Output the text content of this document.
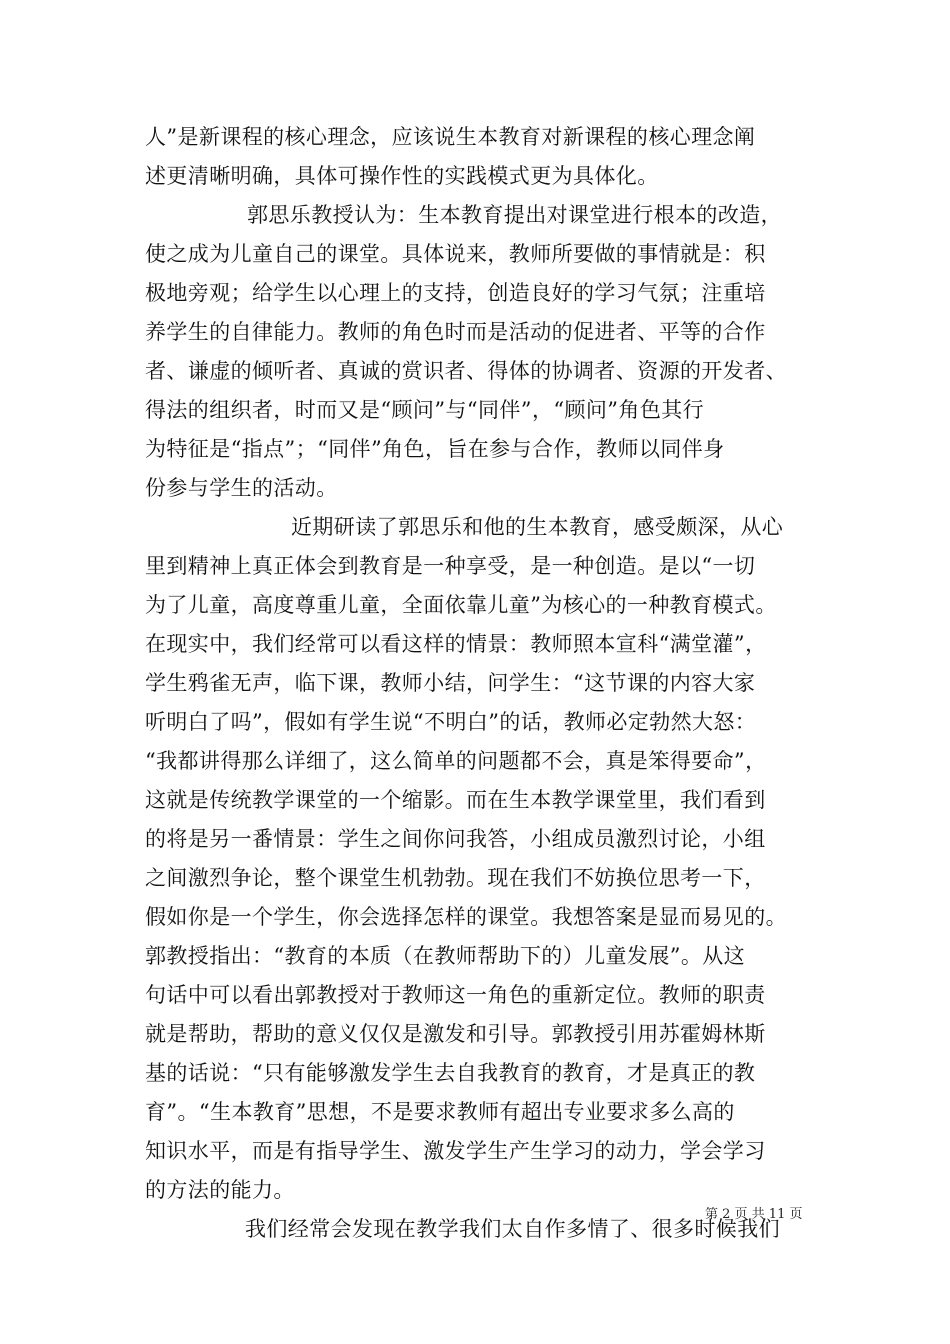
人”是新课程的核心理念，应该说生本教育对新课程的核心理念阐
述更清晰明确，具体可操作性的实践模式更为具体化。
郭思乐教授认为：生本教育提出对课堂进行根本的改造，
使之成为儿童自己的课堂。具体说来，教师所要做的事情就是：积
极地旁观；给学生以心理上的支持，创造良好的学习气氛；注重培
养学生的自律能力。教师的角色时而是活动的促进者、平等的合作
者、谦虚的倾听者、真诚的赏识者、得体的协调者、资源的开发者、
得法的组织者，时而又是“顾问”与“同伴”，“顾问”角色其行
为特征是“指点”；“同伴”角色，旨在参与合作，教师以同伴身
份参与学生的活动。
近期研读了郭思乐和他的生本教育，感受颇深，从心
里到精神上真正体会到教育是一种享受，是一种创造。是以“一切
为了儿童，高度尊重儿童，全面依靠儿童”为核心的一种教育模式。
在现实中，我们经常可以看这样的情景：教师照本宣科“满堂灌”，
学生鸦雀无声，临下课，教师小结，问学生：“这节课的内容大家
听明白了吗”，假如有学生说“不明白”的话，教师必定勃然大怒：
“我都讲得那么详细了，这么简单的问题都不会，真是笨得要命”，
这就是传统教学课堂的一个缩影。而在生本教学课堂里，我们看到
的将是另一番情景：学生之间你问我答，小组成员激烈讨论，小组
之间激烈争论，整个课堂生机勃勃。现在我们不妨换位思考一下，
假如你是一个学生，你会选择怎样的课堂。我想答案是显而易见的。
郭教授指出：“教育的本质（在教师帮助下的）儿童发展”。从这
句话中可以看出郭教授对于教师这一角色的重新定位。教师的职责
就是帮助，帮助的意义仅仅是激发和引导。郭教授引用苏霍姆林斯
基的话说：“只有能够激发学生去自我教育的教育，才是真正的教
育”。“生本教育”思想，不是要求教师有超出专业要求多么高的
知识水平，而是有指导学生、激发学生产生学习的动力，学会学习
的方法的能力。
我们经常会发现在教学我们太自作多情了、很多时候我们
第 2 页 共 11 页
